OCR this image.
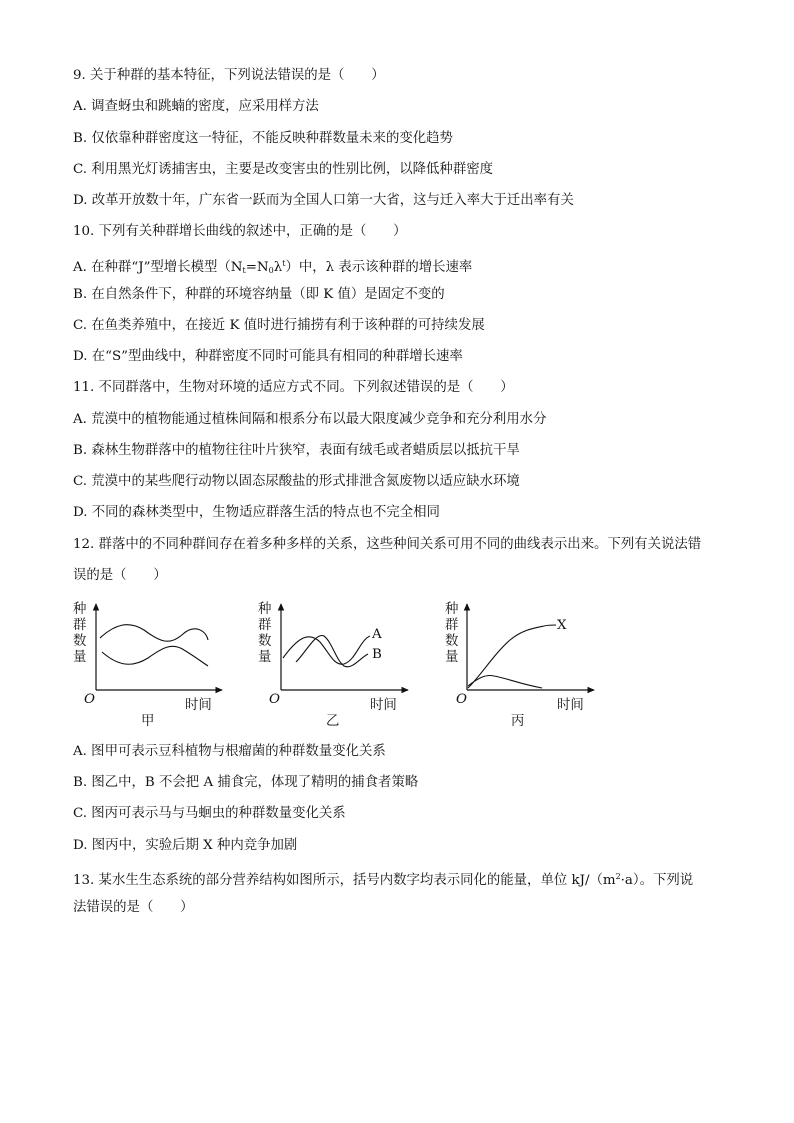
9. 关于种群的基本特征，下列说法错误的是（　　）
A. 调查蚜虫和跳蝻的密度，应采用样方法
B. 仅依靠种群密度这一特征，不能反映种群数量未来的变化趋势
C. 利用黑光灯诱捕害虫，主要是改变害虫的性别比例，以降低种群密度
D. 改革开放数十年，广东省一跃而为全国人口第一大省，这与迁入率大于迁出率有关
10. 下列有关种群增长曲线的叙述中，正确的是（　　）
A. 在种群“J”型增长模型$(N_t=N_0\lambda^t)$中，λ 表示该种群的增长速率
B. 在自然条件下，种群的环境容纳量（即 K 值）是固定不变的
C. 在鱼类养殖中，在接近 K 值时进行捕捞有利于该种群的可持续发展
D. 在“S”型曲线中，种群密度不同时可能具有相同的种群增长速率
11. 不同群落中，生物对环境的适应方式不同。下列叙述错误的是（　　）
A. 荒漠中的植物能通过植株间隔和根系分布以最大限度减少竞争和充分利用水分
B. 森林生物群落中的植物往往叶片狭窄，表面有绒毛或者蜡质层以抵抗干旱
C. 荒漠中的某些爬行动物以固态尿酸盐的形式排泄含氮废物以适应缺水环境
D. 不同的森林类型中，生物适应群落生活的特点也不完全相同
12. 群落中的不同种群间存在着多种多样的关系，这些种间关系可用不同的曲线表示出来。下列有关说法错
误的是（　　）
种
群
数
量
O	时间
甲
种
群
数
量
O	时间
乙
A
B
种
群
数
量
O	时间
丙
X
A. 图甲可表示豆科植物与根瘤菌的种群数量变化关系
B. 图乙中，B 不会把 A 捕食完，体现了精明的捕食者策略
C. 图丙可表示马与马蛔虫的种群数量变化关系
D. 图丙中，实验后期 X 种内竞争加剧
13. 某水生生态系统的部分营养结构如图所示，括号内数字均表示同化的能量，单位 $kJ/(m^2\cdot a)$。下列说
法错误的是（　　）
